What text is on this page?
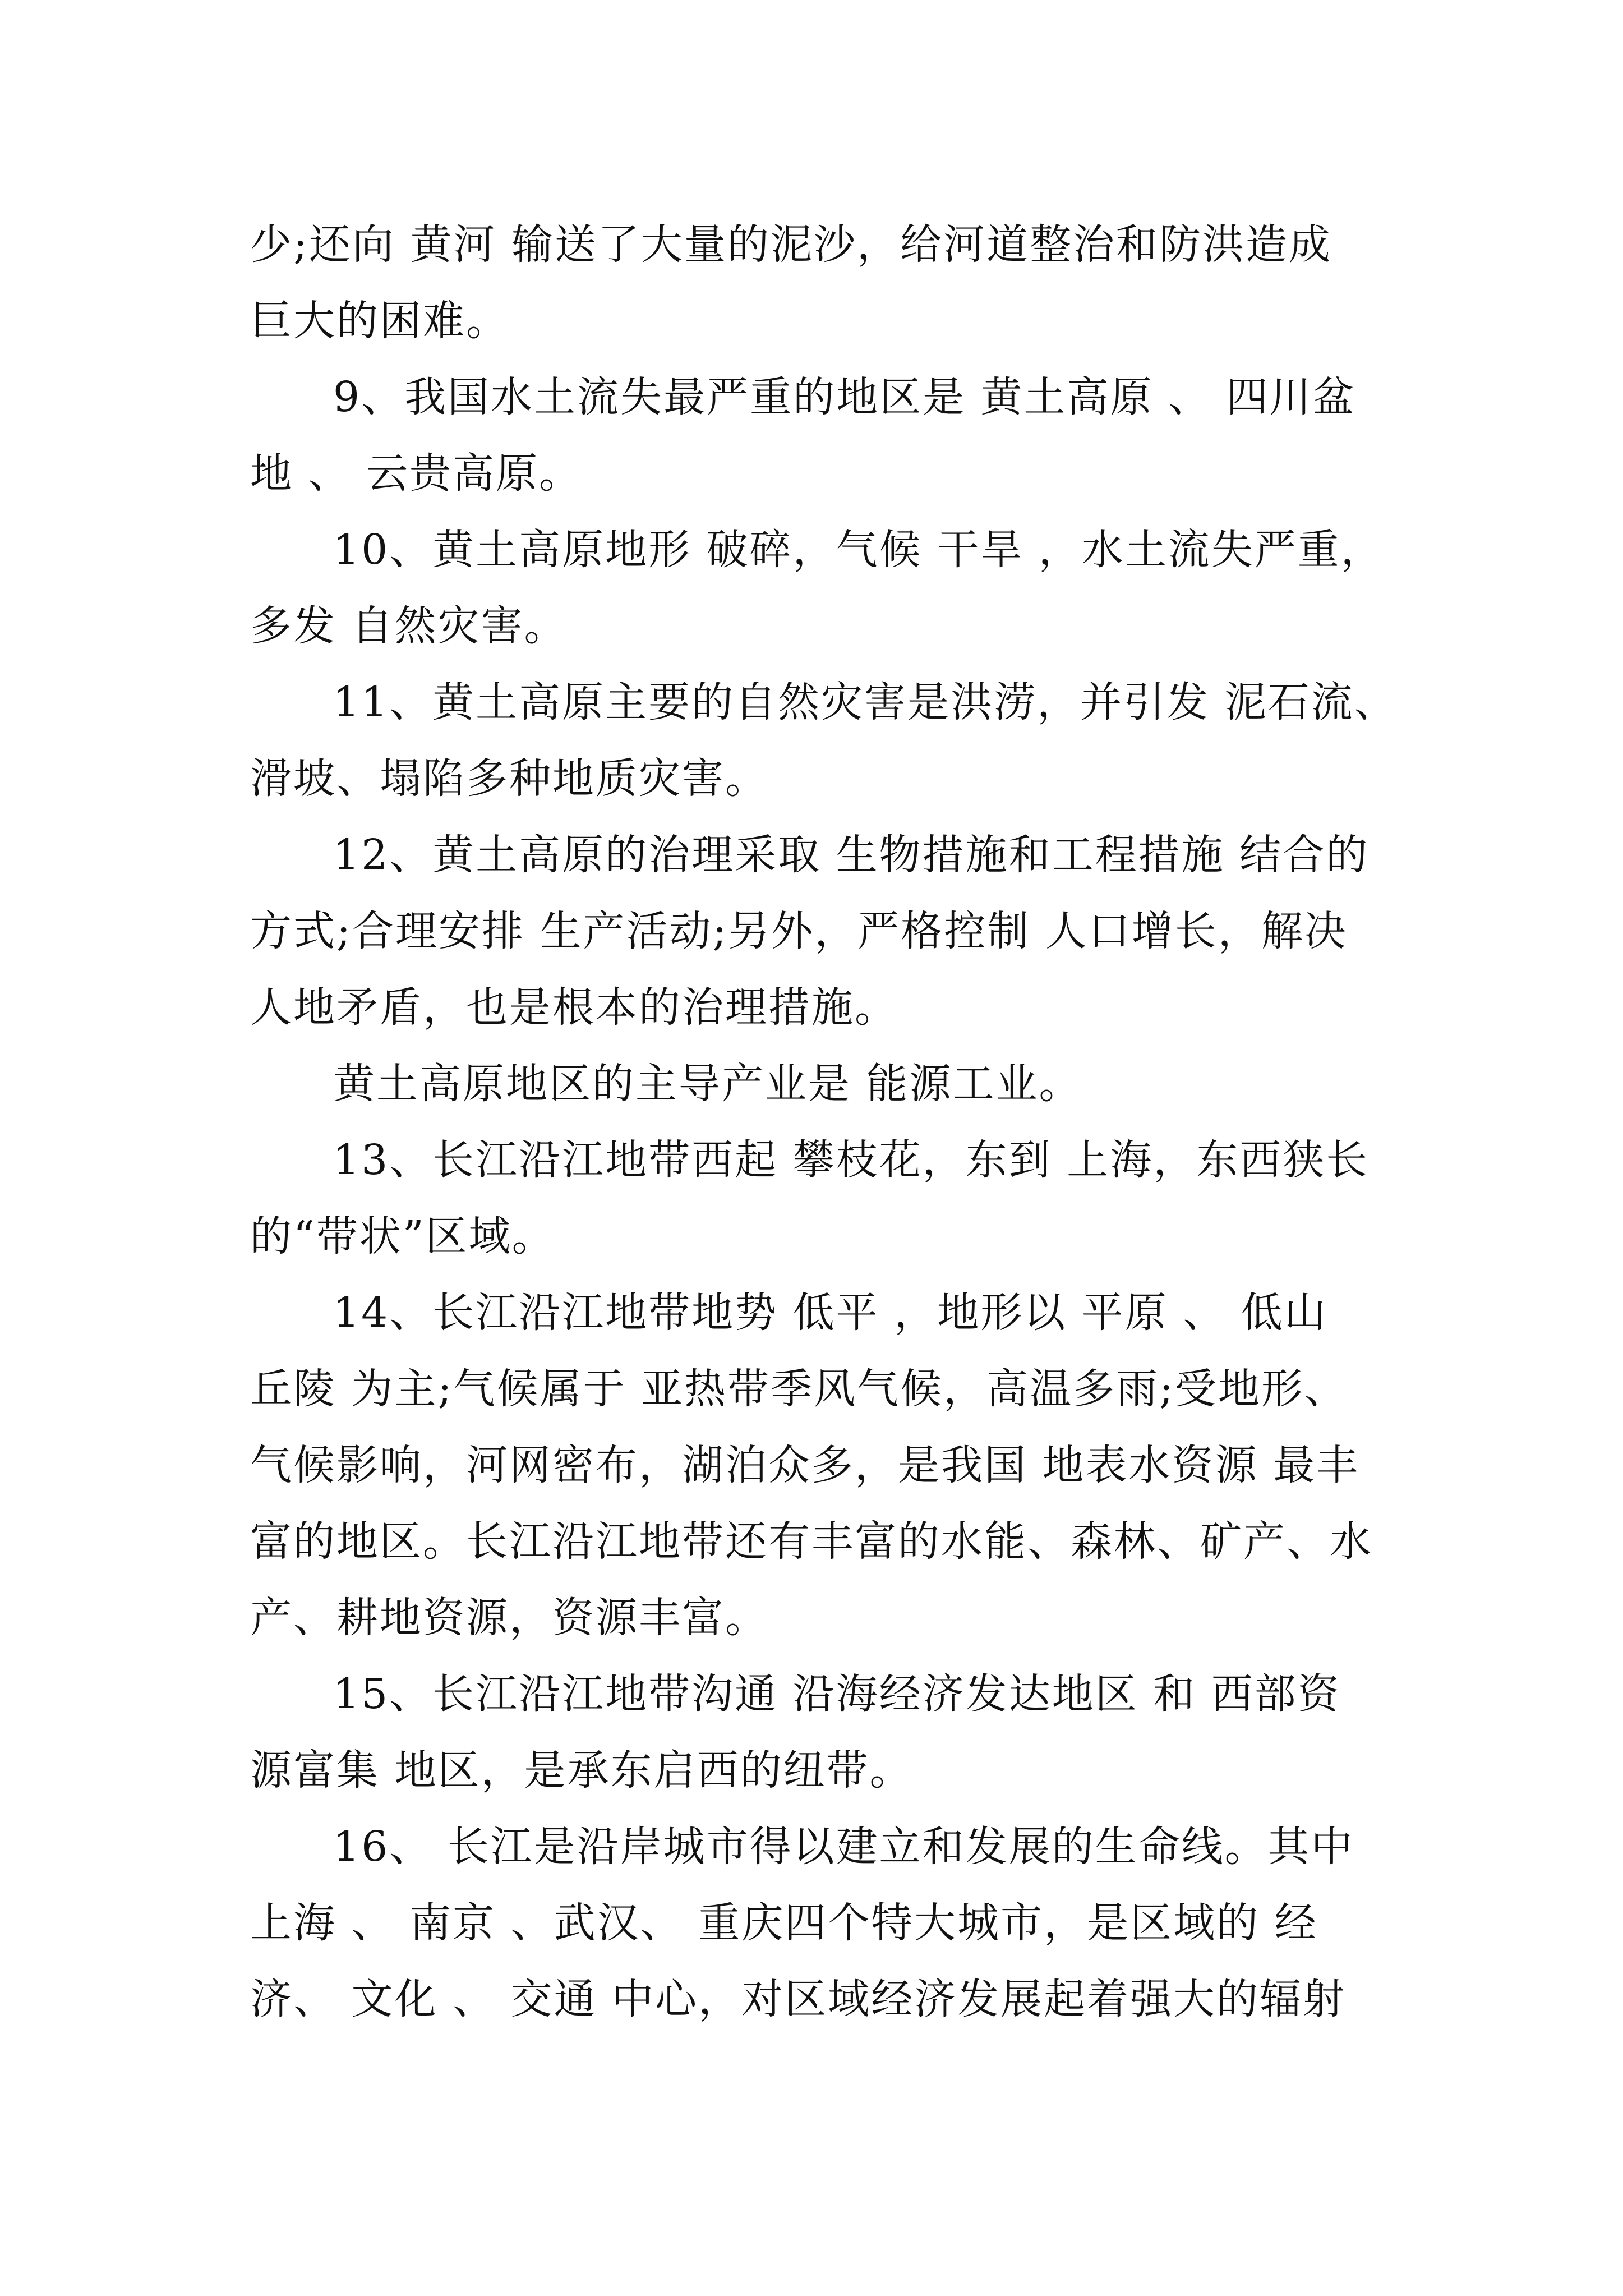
少;还向 黄河 输送了大量的泥沙，给河道整治和防洪造成
巨大的困难。
9、我国水土流失最严重的地区是 黄土高原 、 四川盆
地 、 云贵高原。
10、黄土高原地形 破碎，气候 干旱 ，水土流失严重，
多发 自然灾害。
11、黄土高原主要的自然灾害是洪涝，并引发 泥石流、
滑坡、塌陷多种地质灾害。
12、黄土高原的治理采取 生物措施和工程措施 结合的
方式;合理安排 生产活动;另外，严格控制 人口增长，解决
人地矛盾，也是根本的治理措施。
黄土高原地区的主导产业是 能源工业。
13、长江沿江地带西起 攀枝花，东到 上海，东西狭长
的“带状”区域。
14、长江沿江地带地势 低平 ，地形以 平原 、 低山
丘陵 为主;气候属于 亚热带季风气候，高温多雨;受地形、
气候影响，河网密布，湖泊众多，是我国 地表水资源 最丰
富的地区。长江沿江地带还有丰富的水能、森林、矿产、水
产、耕地资源，资源丰富。
15、长江沿江地带沟通 沿海经济发达地区 和 西部资
源富集 地区，是承东启西的纽带。
16、 长江是沿岸城市得以建立和发展的生命线。其中
上海 、 南京 、武汉、 重庆四个特大城市，是区域的 经
济、 文化 、 交通 中心，对区域经济发展起着强大的辐射
